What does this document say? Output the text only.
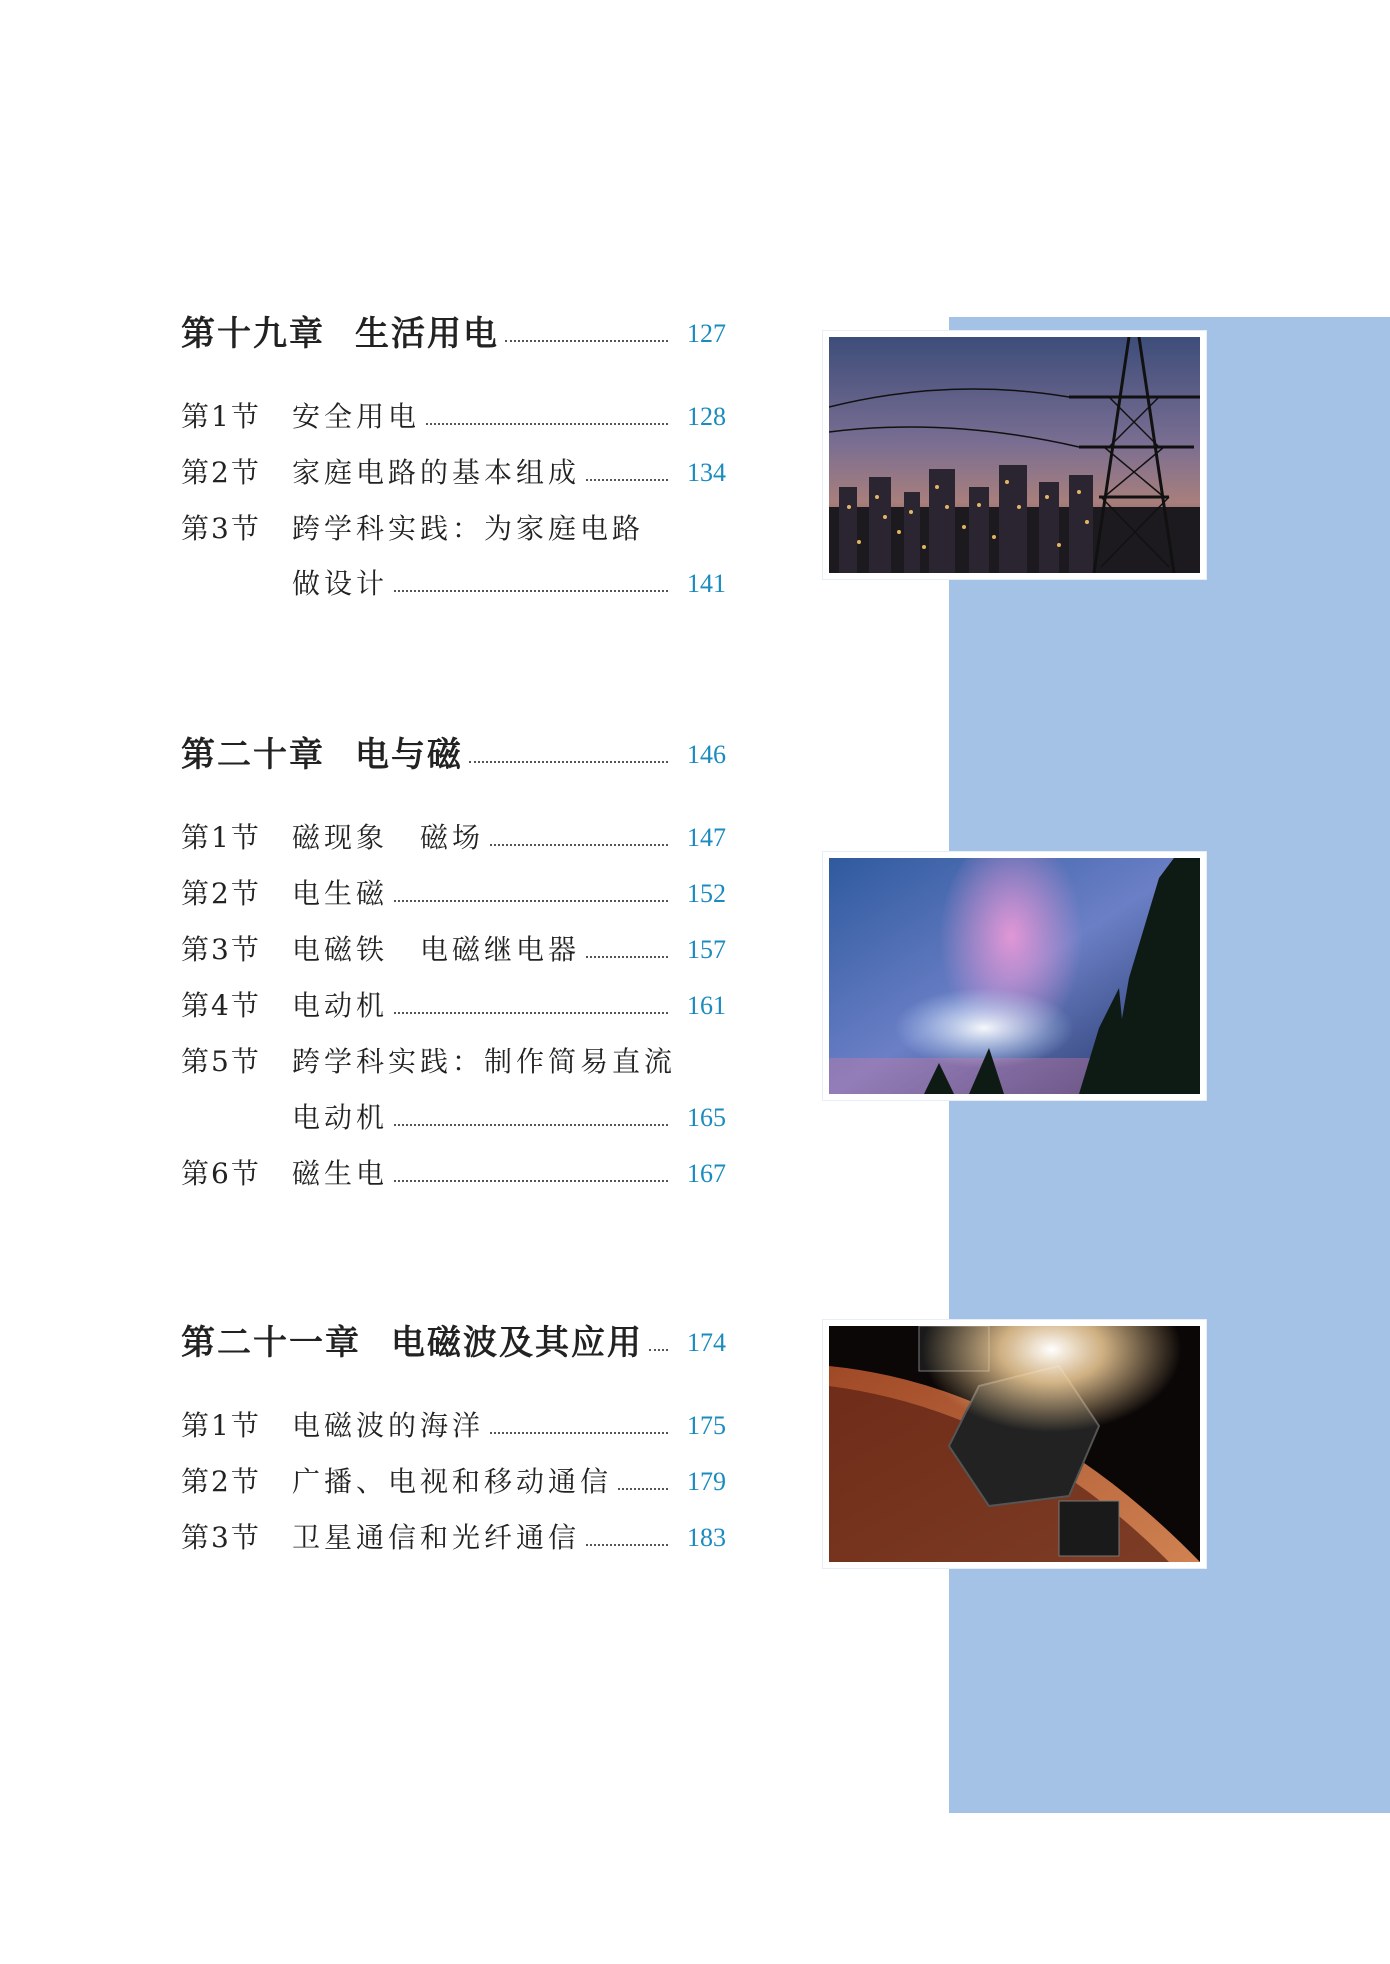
第十九章 生活用电	127
第1节	安全用电	128
第2节	家庭电路的基本组成	134
第3节	跨学科实践：为家庭电路
做设计	141
第二十章 电与磁	146
第1节	磁现象　磁场	147
第2节	电生磁	152
第3节	电磁铁　电磁继电器	157
第4节	电动机	161
第5节	跨学科实践：制作简易直流
电动机	165
第6节	磁生电	167
第二十一章 电磁波及其应用 174
第1节	电磁波的海洋	175
第2节	广播、电视和移动通信	179
第3节	卫星通信和光纤通信	183
